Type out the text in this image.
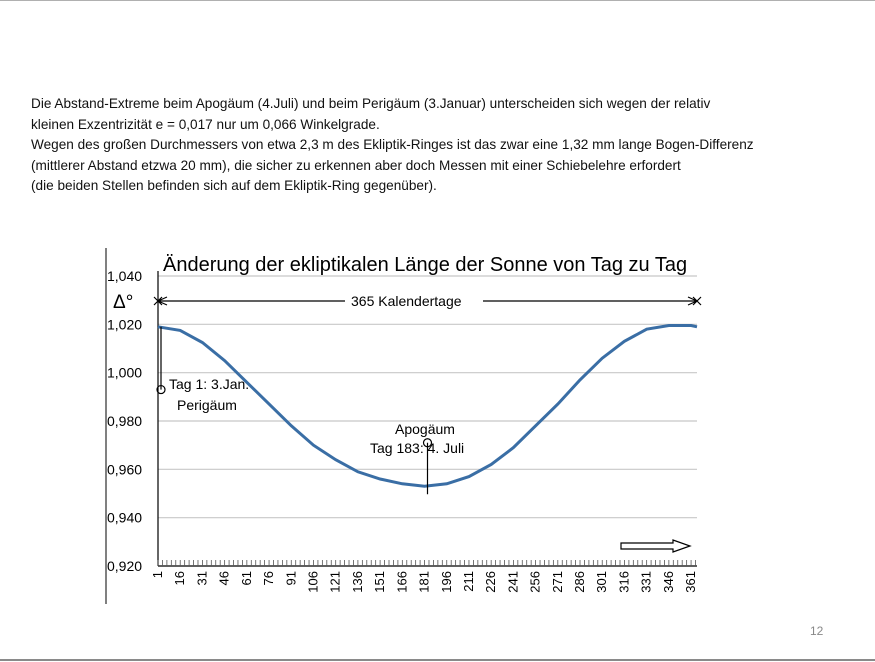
Die Abstand-Extreme beim Apogäum (4.Juli) und beim Perigäum (3.Januar) unterscheiden sich wegen der relativ
kleinen Exzentrizität e = 0,017 nur um 0,066 Winkelgrade.
Wegen des großen Durchmessers von etwa 2,3 m des Ekliptik-Ringes ist das zwar eine 1,32 mm lange Bogen-Differenz
(mittlerer Abstand etzwa 20 mm), die sicher zu erkennen aber doch Messen mit einer Schiebelehre erfordert
(die beiden Stellen befinden sich auf dem Ekliptik-Ring gegenüber).
0,920
0,940
0,960
0,980
1,000
1,020
1,040
1 16 31 46 61 76 91 106 121 136 151 166 181 196 211 226 241 256 271 286 301 316 331 346 361
Änderung der ekliptikalen Länge der Sonne von Tag zu Tag
Δ°	365 Kalendertage
Tag 1: 3.Jan.
Perigäum
Apogäum
Tag 183: 4. Juli
12
